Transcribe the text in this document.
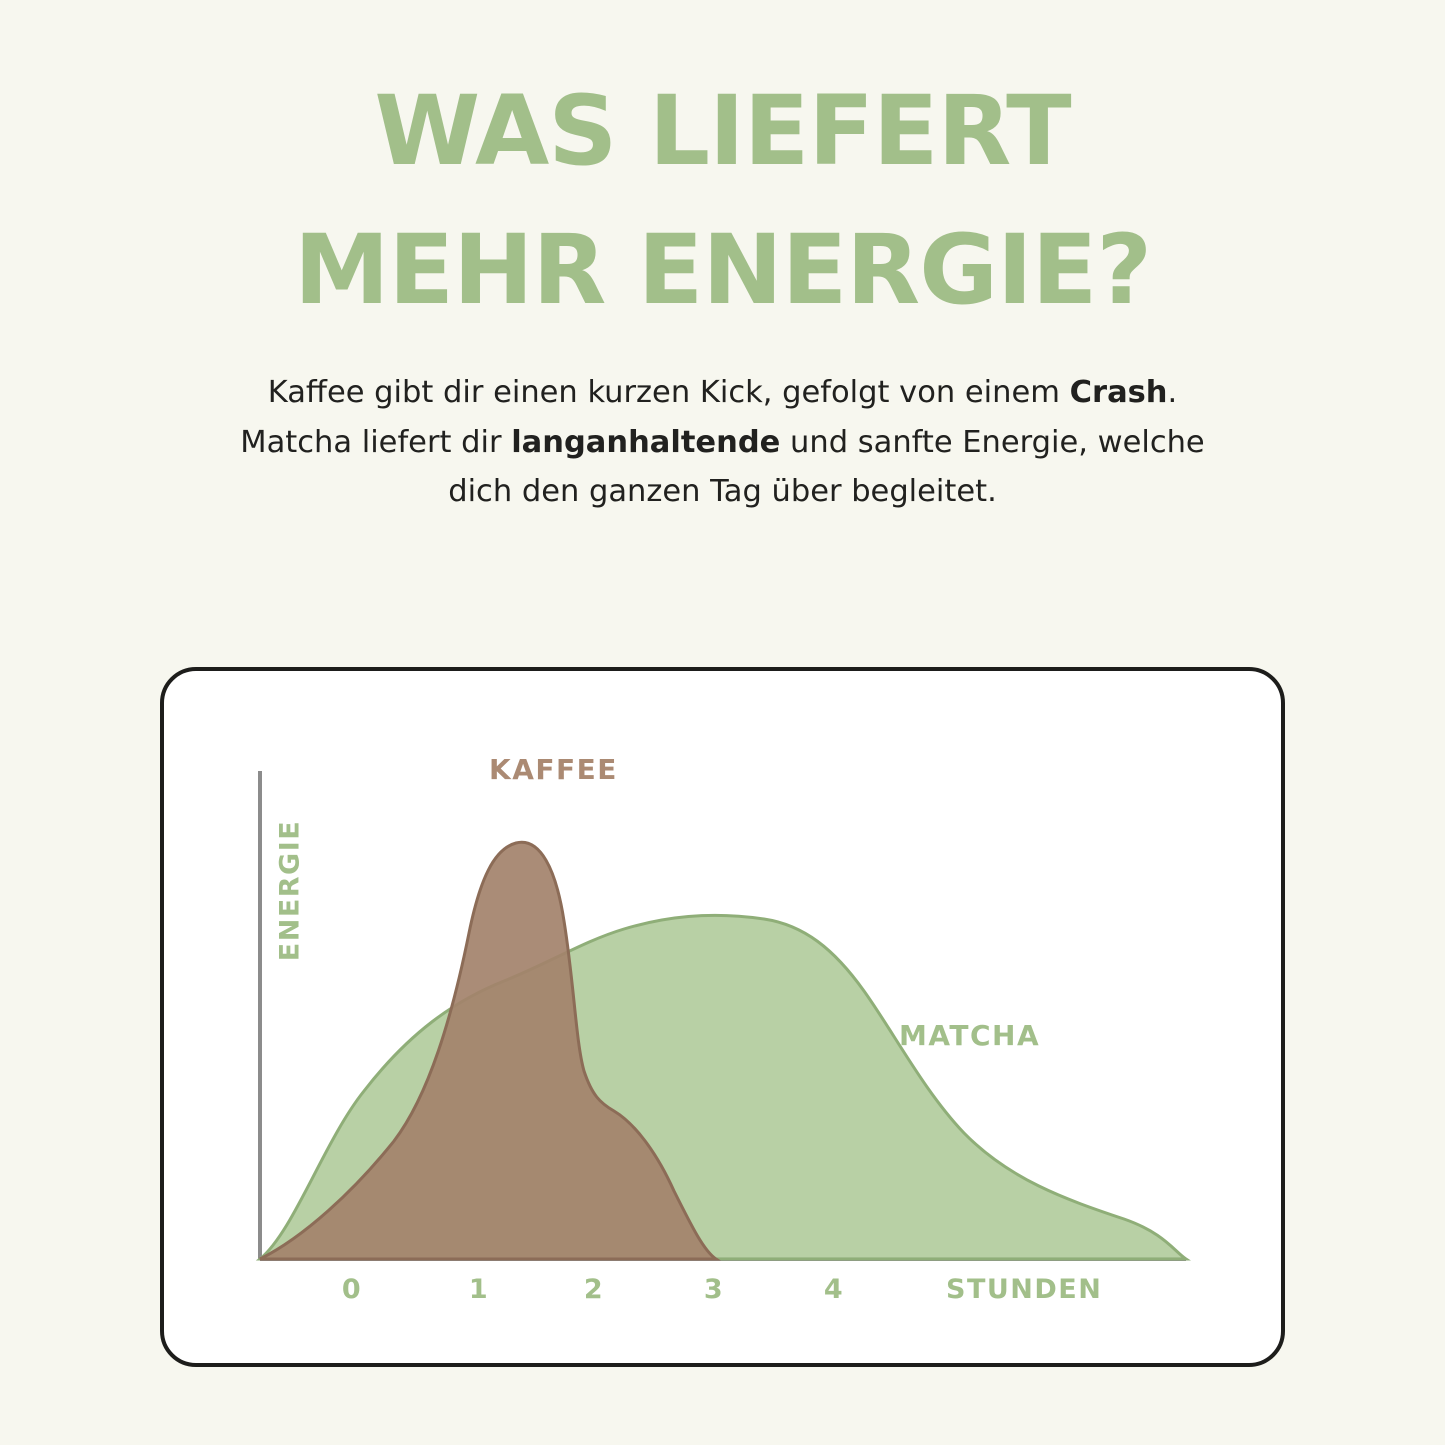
WAS LIEFERT
MEHR ENERGIE?

Kaffee gibt dir einen kurzen Kick, gefolgt von einem Crash. Matcha liefert dir langanhaltende und sanfte Energie, welche dich den ganzen Tag über begleitet.

ENERGIE
KAFFEE
MATCHA
0	1	2	3	4	STUNDEN
